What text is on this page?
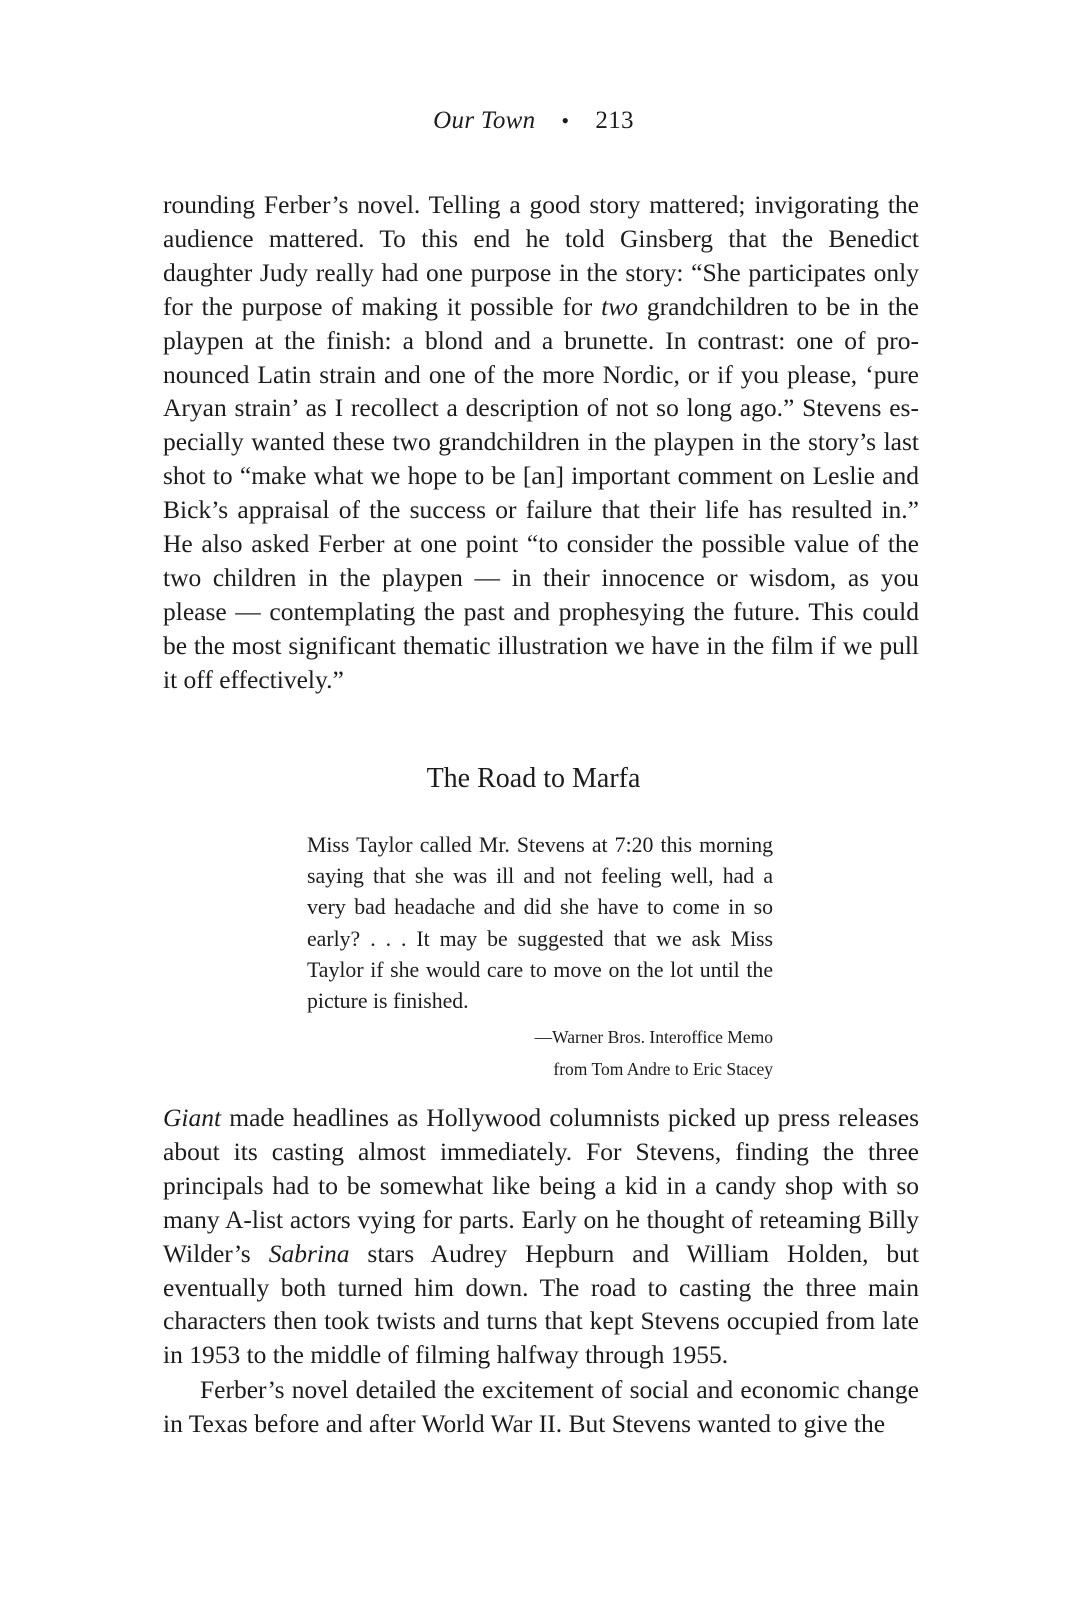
Our Town • 213

rounding Ferber’s novel. Telling a good story mattered; invigorating the audience mattered. To this end he told Ginsberg that the Benedict daughter Judy really had one purpose in the story: “She participates only for the purpose of making it possible for two grandchildren to be in the playpen at the finish: a blond and a brunette. In contrast: one of pronounced Latin strain and one of the more Nordic, or if you please, ‘pure Aryan strain’ as I recollect a description of not so long ago.” Stevens especially wanted these two grandchildren in the playpen in the story’s last shot to “make what we hope to be [an] important comment on Leslie and Bick’s appraisal of the success or failure that their life has resulted in.” He also asked Ferber at one point “to consider the possible value of the two children in the playpen — in their innocence or wisdom, as you please — contemplating the past and prophesying the future. This could be the most significant thematic illustration we have in the film if we pull it off effectively.”

The Road to Marfa

Miss Taylor called Mr. Stevens at 7:20 this morning saying that she was ill and not feeling well, had a very bad headache and did she have to come in so early? . . . It may be suggested that we ask Miss Taylor if she would care to move on the lot until the picture is finished.

—Warner Bros. Interoffice Memo
from Tom Andre to Eric Stacey

Giant made headlines as Hollywood columnists picked up press releases about its casting almost immediately. For Stevens, finding the three principals had to be somewhat like being a kid in a candy shop with so many A-list actors vying for parts. Early on he thought of reteaming Billy Wilder’s Sabrina stars Audrey Hepburn and William Holden, but eventually both turned him down. The road to casting the three main characters then took twists and turns that kept Stevens occupied from late in 1953 to the middle of filming halfway through 1955.

Ferber’s novel detailed the excitement of social and economic change in Texas before and after World War II. But Stevens wanted to give the
